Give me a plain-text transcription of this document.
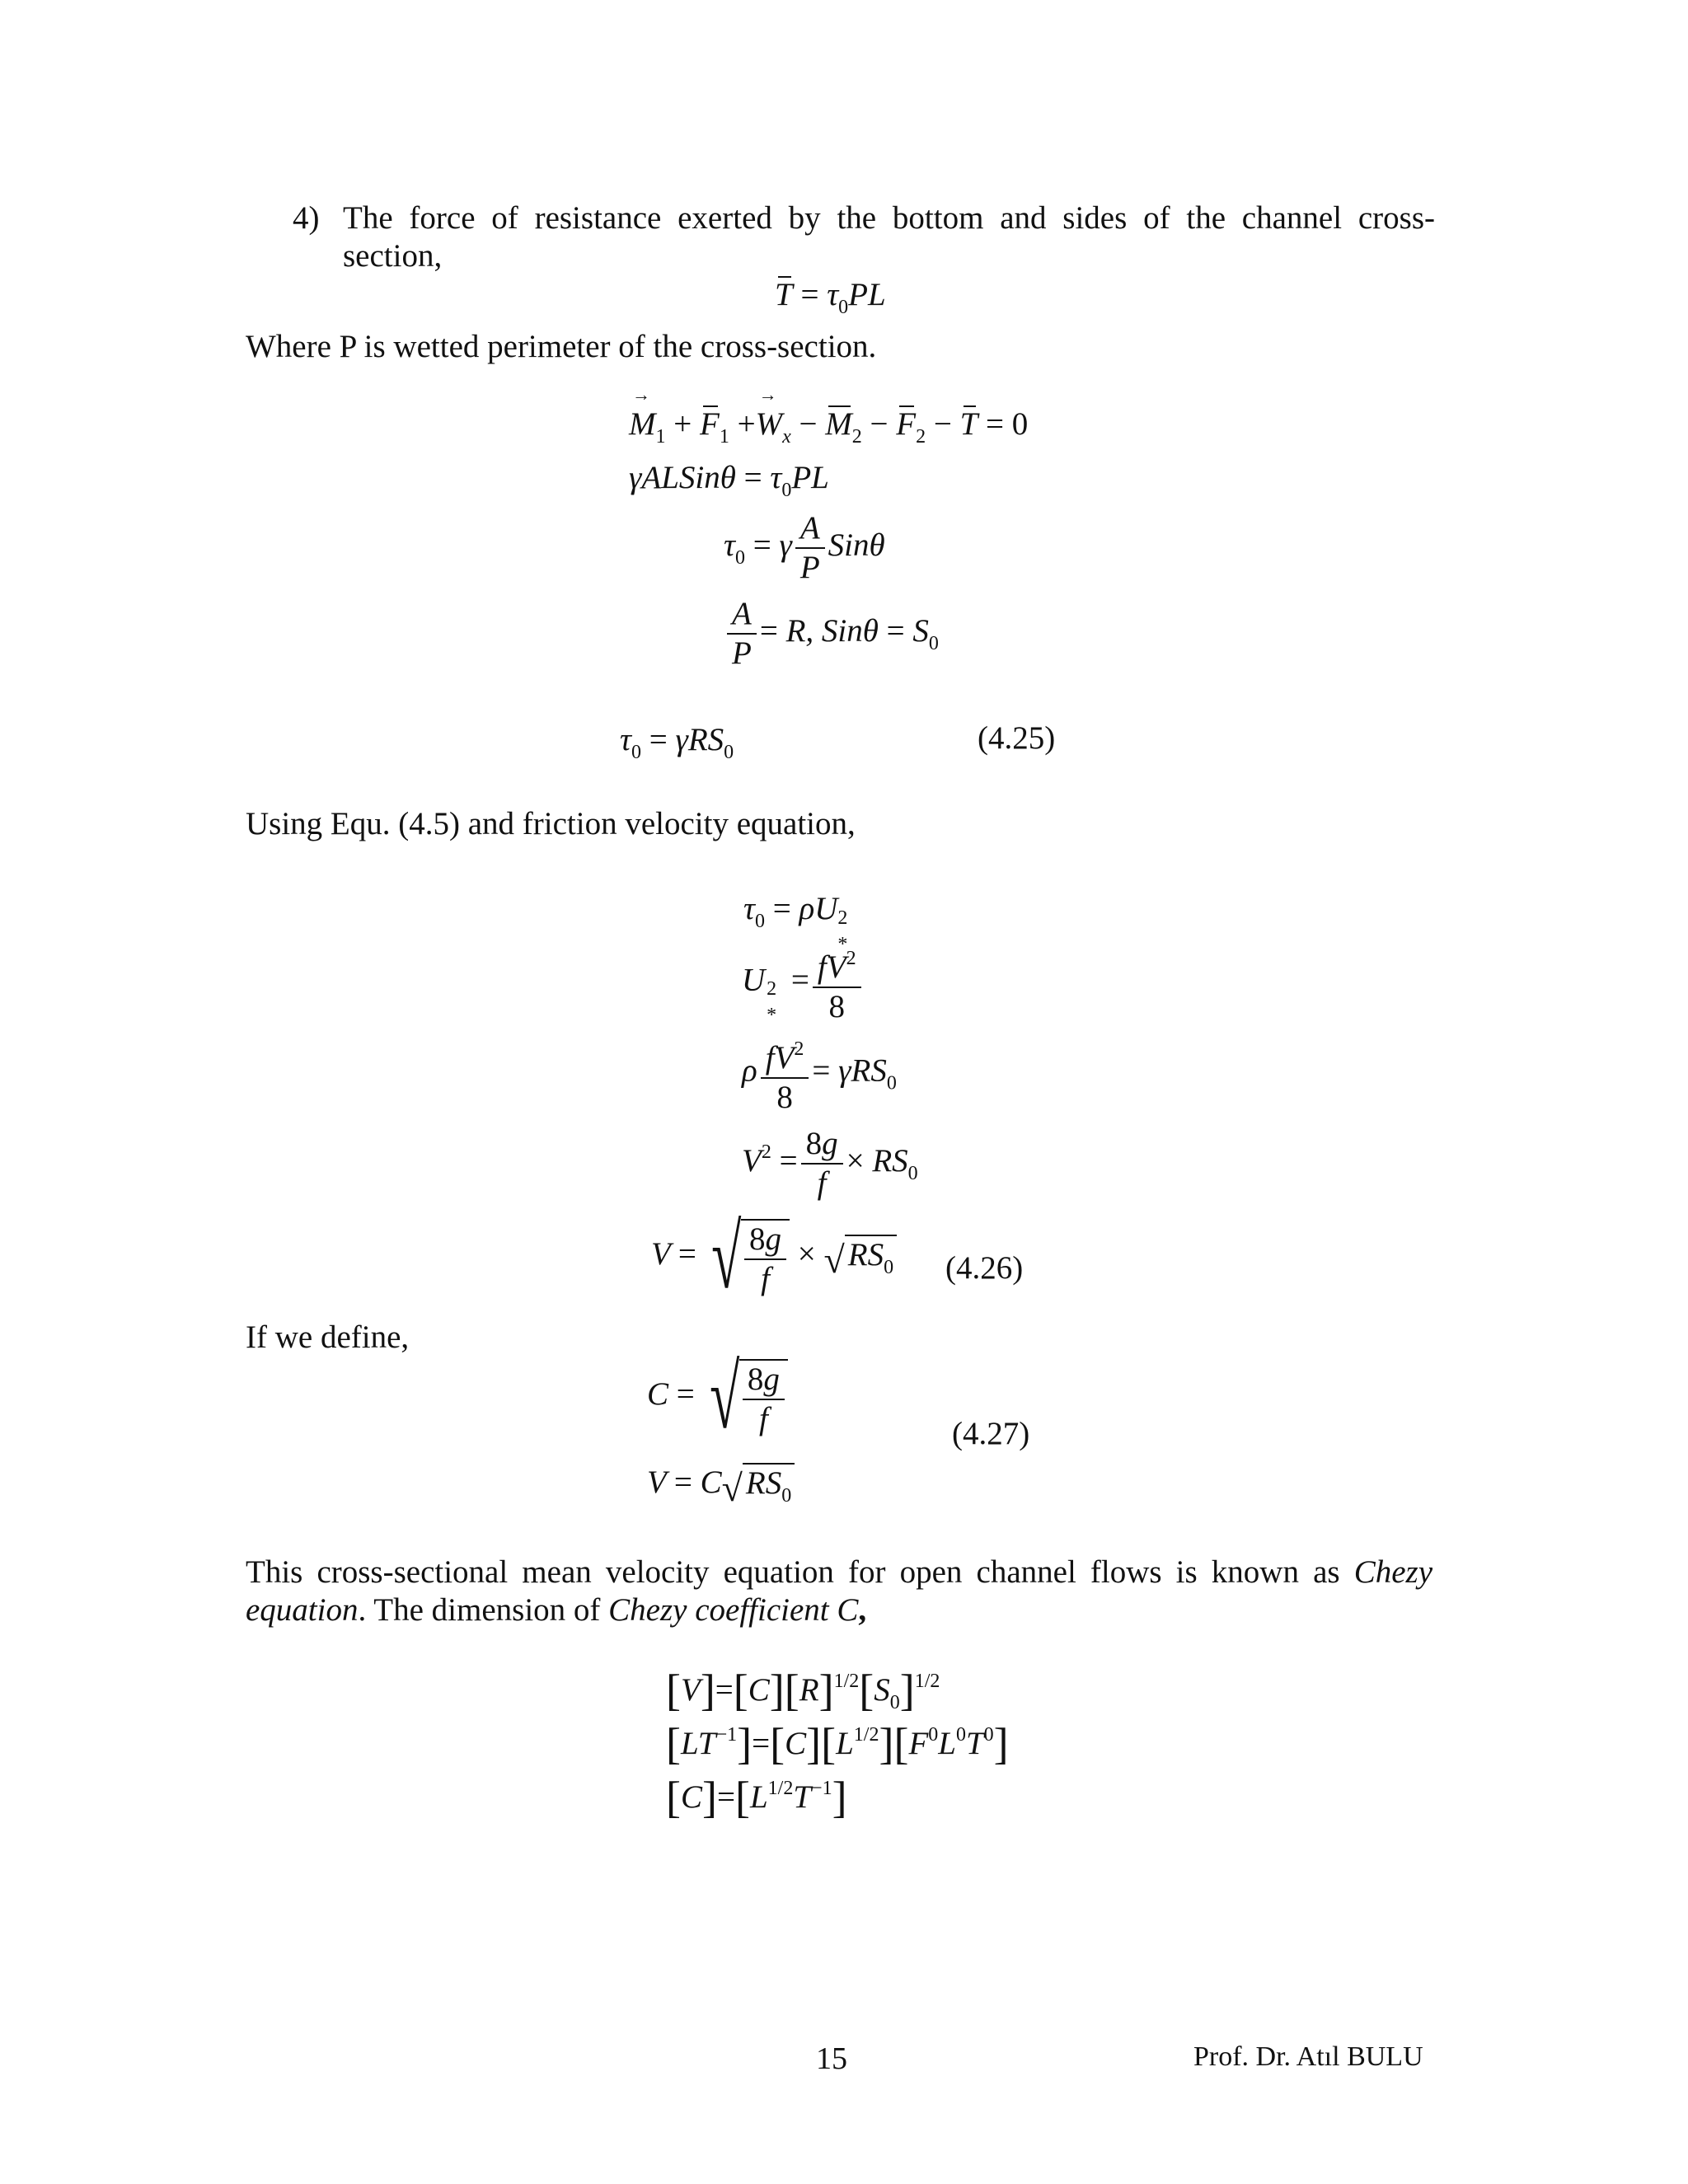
4) The force of resistance exerted by the bottom and sides of the channel cross-
section,
$T = \tau_0PL$
Where P is wetted perimeter of the cross-section.
→ $M_1 + F_1 +\to W_x - M_2 - F_2 - T = 0$
γALSinθ = $\tau_0PL$
$\tau_0 = \gamma \frac{A}{P}$ Sinθ
$\frac{A}{P} = R$, $Sin\theta = S_0$
$\tau_0 = \gamma RS_0$	(4.25)
Using Equ. (4.5) and friction velocity equation,
$\tau_0 = \rho U$ 2
*
U 2
*
= $\frac{fV^2}{8}$
ρ $\frac{fV^2}{8} = \gamma RS_0$
$V^2 = \frac{8g}{f} \times RS_0$
V = √ $\frac{8g}{f}$ × √ $RS_0$ (4.26)
If we define,
C = √ $\frac{8g}{f}$	(4.27)
V = C √ $RS_0$
This cross-sectional mean velocity equation for open channel flows is known as Chezy
equation. The dimension of Chezy coefficient C,
$[V]=[C][R]^{1/2}[S_0]^{1/2}$
$[LT^{-1}]=[C][L^{1/2}][F^0L^0T^0]$
$[C]=[L^{1/2}T^{-1}]$
15	Prof. Dr. Atıl BULU
